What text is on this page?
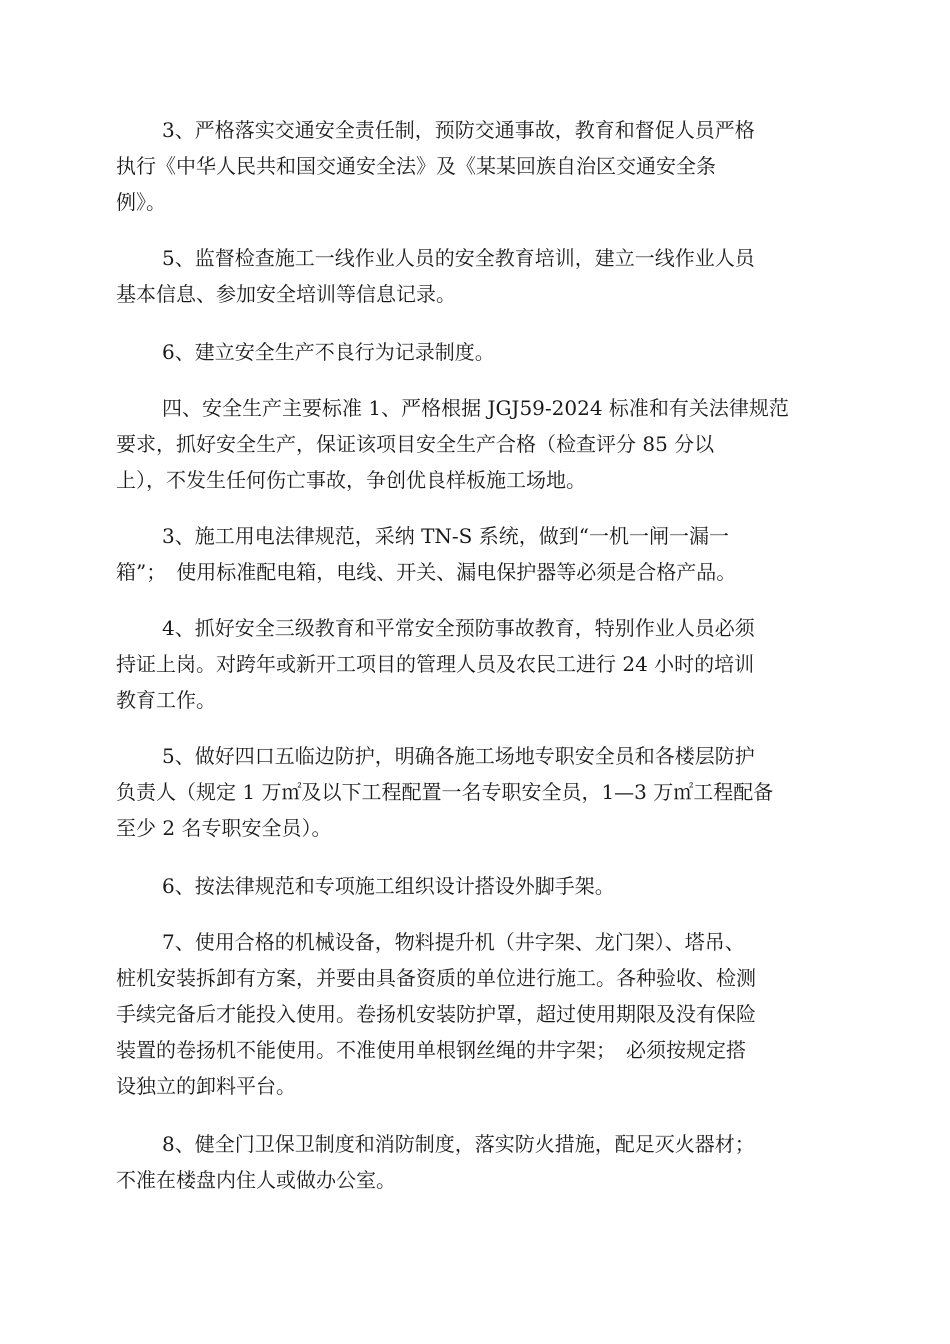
3、严格落实交通安全责任制，预防交通事故，教育和督促人员严格
执行《中华人民共和国交通安全法》及《某某回族自治区交通安全条
例》。

5、监督检查施工一线作业人员的安全教育培训，建立一线作业人员
基本信息、参加安全培训等信息记录。

6、建立安全生产不良行为记录制度。

四、安全生产主要标准 1、严格根据 JGJ59-2024 标准和有关法律规范
要求，抓好安全生产，保证该项目安全生产合格（检查评分 85 分以
上），不发生任何伤亡事故，争创优良样板施工场地。

3、施工用电法律规范，采纳 TN-S 系统，做到“一机一闸一漏一
箱”；　使用标准配电箱，电线、开关、漏电保护器等必须是合格产品。

4、抓好安全三级教育和平常安全预防事故教育，特别作业人员必须
持证上岗。对跨年或新开工项目的管理人员及农民工进行 24 小时的培训
教育工作。

5、做好四口五临边防护，明确各施工场地专职安全员和各楼层防护
负责人（规定 1 万㎡及以下工程配置一名专职安全员，1—3 万㎡工程配备
至少 2 名专职安全员）。

6、按法律规范和专项施工组织设计搭设外脚手架。

7、使用合格的机械设备，物料提升机（井字架、龙门架）、塔吊、
桩机安装拆卸有方案，并要由具备资质的单位进行施工。各种验收、检测
手续完备后才能投入使用。卷扬机安装防护罩，超过使用期限及没有保险
装置的卷扬机不能使用。不准使用单根钢丝绳的井字架；　必须按规定搭
设独立的卸料平台。

8、健全门卫保卫制度和消防制度，落实防火措施，配足灭火器材；
不准在楼盘内住人或做办公室。
